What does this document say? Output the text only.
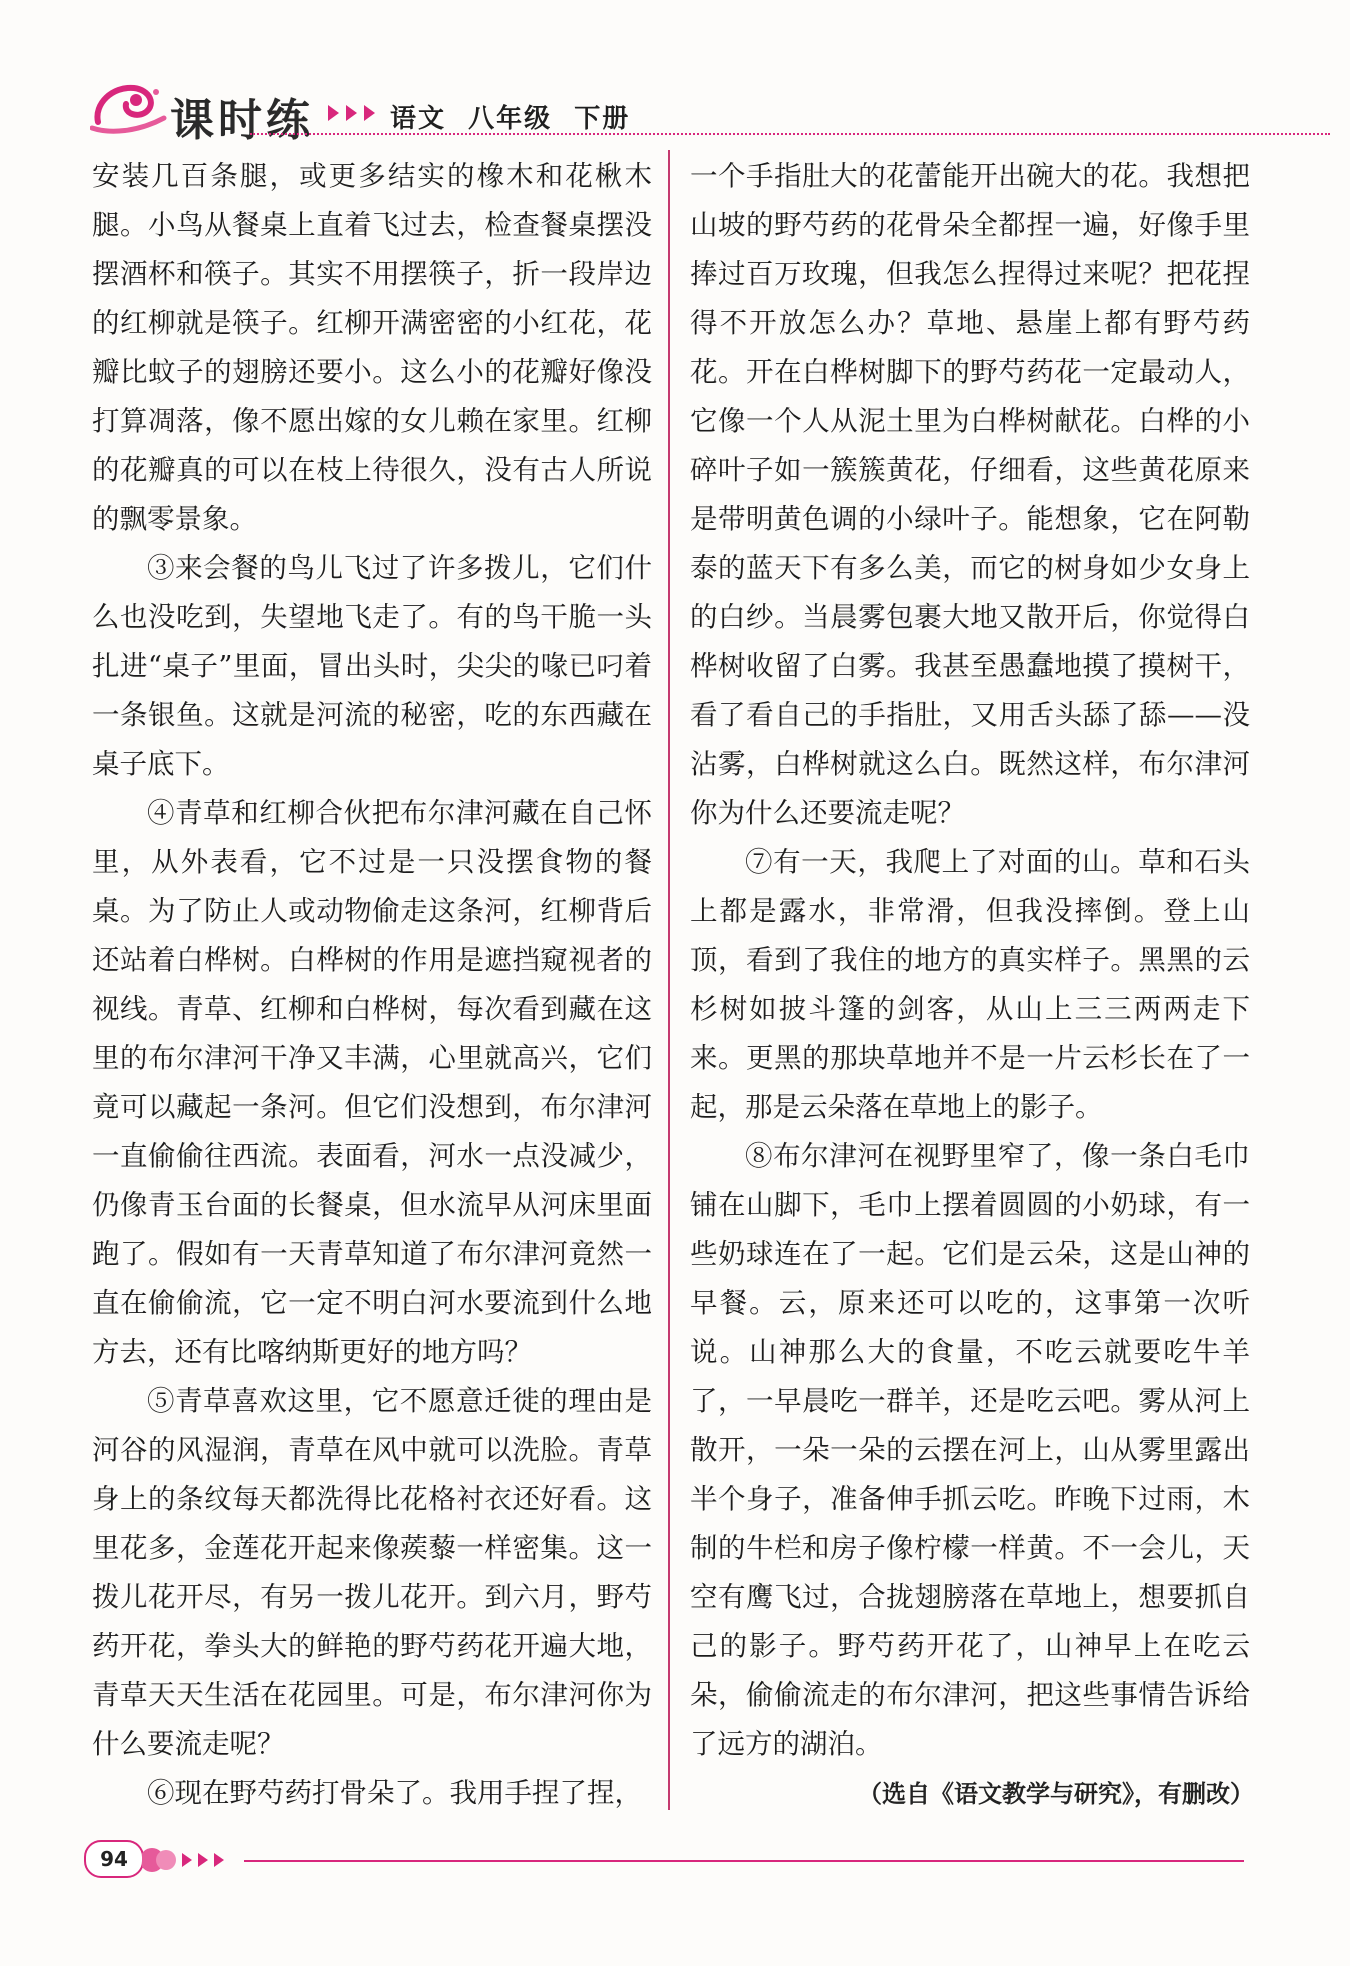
课时练	语文  八年级  下册

安装几百条腿，或更多结实的橡木和花楸木腿。小鸟从餐桌上直着飞过去，检查餐桌摆没摆酒杯和筷子。其实不用摆筷子，折一段岸边的红柳就是筷子。红柳开满密密的小红花，花瓣比蚊子的翅膀还要小。这么小的花瓣好像没打算凋落，像不愿出嫁的女儿赖在家里。红柳的花瓣真的可以在枝上待很久，没有古人所说的飘零景象。

③来会餐的鸟儿飞过了许多拨儿，它们什么也没吃到，失望地飞走了。有的鸟干脆一头扎进“桌子”里面，冒出头时，尖尖的喙已叼着一条银鱼。这就是河流的秘密，吃的东西藏在桌子底下。

④青草和红柳合伙把布尔津河藏在自己怀里，从外表看，它不过是一只没摆食物的餐桌。为了防止人或动物偷走这条河，红柳背后还站着白桦树。白桦树的作用是遮挡窥视者的视线。青草、红柳和白桦树，每次看到藏在这里的布尔津河干净又丰满，心里就高兴，它们竟可以藏起一条河。但它们没想到，布尔津河一直偷偷往西流。表面看，河水一点没减少，仍像青玉台面的长餐桌，但水流早从河床里面跑了。假如有一天青草知道了布尔津河竟然一直在偷偷流，它一定不明白河水要流到什么地方去，还有比喀纳斯更好的地方吗？

⑤青草喜欢这里，它不愿意迁徙的理由是河谷的风湿润，青草在风中就可以洗脸。青草身上的条纹每天都洗得比花格衬衣还好看。这里花多，金莲花开起来像蒺藜一样密集。这一拨儿花开尽，有另一拨儿花开。到六月，野芍药开花，拳头大的鲜艳的野芍药花开遍大地，青草天天生活在花园里。可是，布尔津河你为什么要流走呢？

⑥现在野芍药打骨朵了。我用手捏了捏，

一个手指肚大的花蕾能开出碗大的花。我想把山坡的野芍药的花骨朵全都捏一遍，好像手里捧过百万玫瑰，但我怎么捏得过来呢？把花捏得不开放怎么办？草地、悬崖上都有野芍药花。开在白桦树脚下的野芍药花一定最动人，它像一个人从泥土里为白桦树献花。白桦的小碎叶子如一簇簇黄花，仔细看，这些黄花原来是带明黄色调的小绿叶子。能想象，它在阿勒泰的蓝天下有多么美，而它的树身如少女身上的白纱。当晨雾包裹大地又散开后，你觉得白桦树收留了白雾。我甚至愚蠢地摸了摸树干，看了看自己的手指肚，又用舌头舔了舔——没沾雾，白桦树就这么白。既然这样，布尔津河你为什么还要流走呢？

⑦有一天，我爬上了对面的山。草和石头上都是露水，非常滑，但我没摔倒。登上山顶，看到了我住的地方的真实样子。黑黑的云杉树如披斗篷的剑客，从山上三三两两走下来。更黑的那块草地并不是一片云杉长在了一起，那是云朵落在草地上的影子。

⑧布尔津河在视野里窄了，像一条白毛巾铺在山脚下，毛巾上摆着圆圆的小奶球，有一些奶球连在了一起。它们是云朵，这是山神的早餐。云，原来还可以吃的，这事第一次听说。山神那么大的食量，不吃云就要吃牛羊了，一早晨吃一群羊，还是吃云吧。雾从河上散开，一朵一朵的云摆在河上，山从雾里露出半个身子，准备伸手抓云吃。昨晚下过雨，木制的牛栏和房子像柠檬一样黄。不一会儿，天空有鹰飞过，合拢翅膀落在草地上，想要抓自己的影子。野芍药开花了，山神早上在吃云朵，偷偷流走的布尔津河，把这些事情告诉给了远方的湖泊。

（选自《语文教学与研究》，有删改）
94
